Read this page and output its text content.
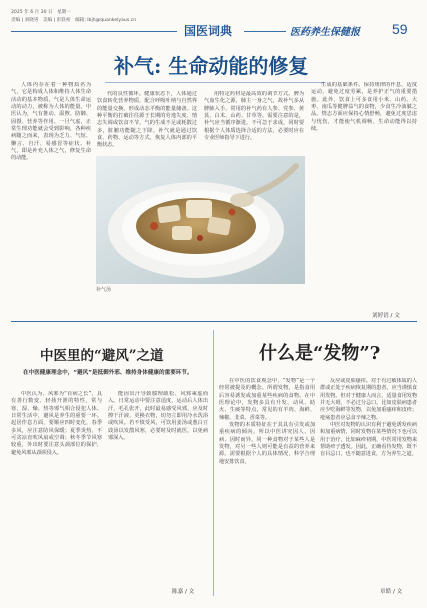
2025 年 6 月 30 日　星期一
责编 | 刘晓男　美编 | 彭轶初　邮箱: lbjh@quankelyaus.cn
国医词典	医药养生保健报 59
补气: 生命动能的修复

人体内存在着一种物质名为气，它是构成人体和维持人体生命活动的基本物质，气是人体生命运动的动力，被称为人体的能量。中医认为，气有推动、温煦、防御、固摄、营养等作用。一旦气虚，正常生理功能就会受到影响，各种疾病随之而来，表现为乏力、气短、懒言、自汗、易感冒等症状。补气，即是补充人体之气，修复生命的动能。

代的良性循环。健康状态下，人体通过饮食转化营养物质，配合呼吸吐纳与自然界的能量交换，形成动态平衡的能量储备。这种平衡的打破往往源于长期的劳逸失度、情志失调或饮食不节，气的生成不足或耗散过多，脏腑功能随之下降。补气就是通过饮食、药物、运动等方式，恢复人体内部的平衡状态。

用特定药材是最高效的调节方式。脾为气血生化之源，肺主一身之气，故补气多从脾肺入手。常用的补气药有人参、党参、黄芪、白术、山药、甘草等。需要注意的是，补气应当循序渐进，不可急于求成，同时要根据个人体质选择合适的方法，必要时应在专业医师指导下进行。

生成的基础条件。保持规律的作息，适度运动，避免过度劳累，是养护正气的重要措施。此外，饮食上可多食用小米、山药、大枣、南瓜等健脾益气的食物，少食生冷油腻之品。情志方面应保持心情舒畅，避免过度思虑与忧伤，才能使气机调畅，生命动能得以持续。

补气汤
刘婷语 / 文
中医里的“避风”之道
在中医健康理念中，“避风”是抵御外邪、维持身体健康的重要环节。

中医认为，风邪为“百病之长”，具有善行数变、轻扬开泄的特性，常与寒、湿、燥、热等邪气相合侵犯人体。日常生活中，避风是养生的重要一环。起居作息方面，要顺应四时变化，春季多风，应注意防风保暖；夏季炎热，不可贪凉直吹风扇或空调；秋冬季节风寒较重，外出时要注意头颈部位的保护，避免风邪从颈项侵入。

能因出汗导致腠理疏松、风邪乘虚而入。日常运动中要注意适度，运动后人体出汗，毛孔张开，此时最易感受风邪，应及时擦干汗液、更换衣物，切勿立即用冷水洗浴或吹风。若不慎受风，可饮用姜汤或葱白豆豉汤以发散风寒，必要时及时就医，以免病邪深入。

陈嘉 / 文
什么是“发物”?

在中医的饮食观念中，“发物”是一个经常被提及的概念。所谓发物，是指食用后容易诱发或加重某些疾病的食物。在中医理论中，发物多具有升发、动风、助火、生痰等特点，常见的有羊肉、海鲜、辣椒、韭菜、香菜等。

发物的本质特征在于其具有引发或加重疾病的倾向，所以中医讲究因人、因病、因时而异。同一种食物对于某些人是发物，对另一些人则可能是有益的营养来源。需要根据个人的具体情况，科学合理地安排饮食。

反应或皮肤瘙痒。对于有过敏体质的人群或正处于疾病恢复期的患者，应当谨慎食用发物。但对于健康人而言，适量食用发物并无大碍，不必过分忌口。比如皮肤病患者应少吃海鲜等发物，以免加重瘙痒和皮疹；疮疡患者应忌食辛辣之物。

中医对发物的认识有利于避免诱发疾病和加重病情，同时发物在某些情况下也可以用于治疗，比如麻疹初期，中医常用发物来帮助疹子透发。因此，正确看待发物，既不盲目忌口，也不随意进食，方为养生之道。

章皓 / 文
